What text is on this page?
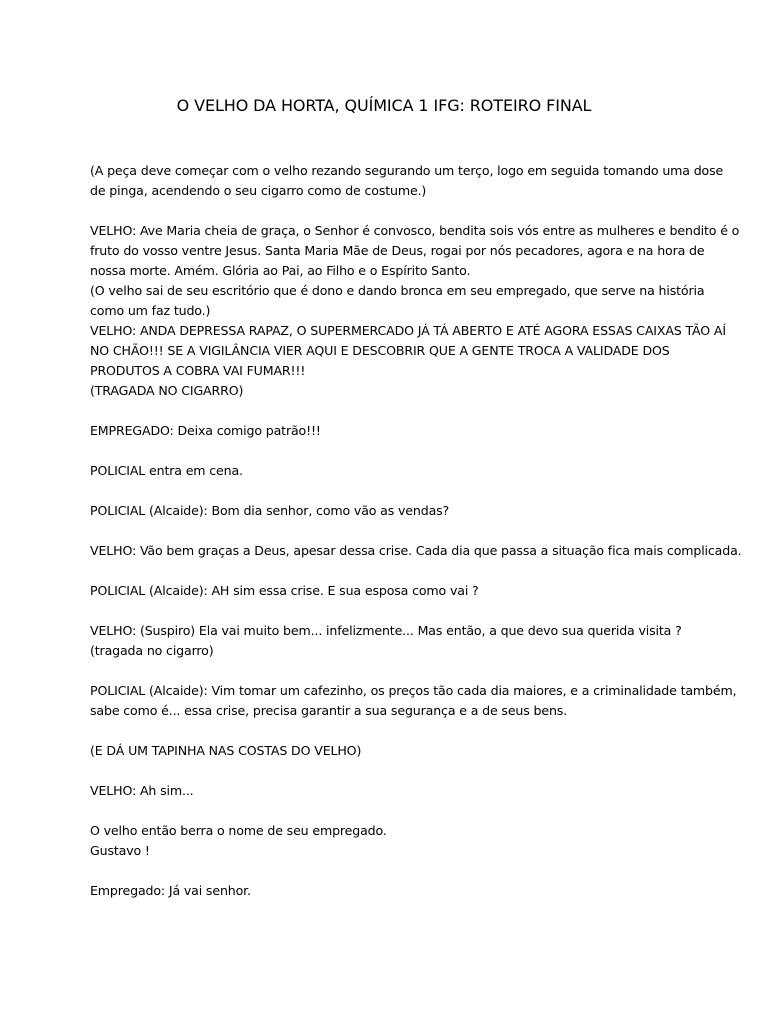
O VELHO DA HORTA, QUÍMICA 1 IFG: ROTEIRO FINAL
(A peça deve começar com o velho rezando segurando um terço, logo em seguida tomando uma dose
de pinga, acendendo o seu cigarro como de costume.)
VELHO: Ave Maria cheia de graça, o Senhor é convosco, bendita sois vós entre as mulheres e bendito é o
fruto do vosso ventre Jesus. Santa Maria Mãe de Deus, rogai por nós pecadores, agora e na hora de
nossa morte. Amém. Glória ao Pai, ao Filho e o Espírito Santo.
(O velho sai de seu escritório que é dono e dando bronca em seu empregado, que serve na história
como um faz tudo.)
VELHO: ANDA DEPRESSA RAPAZ, O SUPERMERCADO JÁ TÁ ABERTO E ATÉ AGORA ESSAS CAIXAS TÃO AÍ
NO CHÃO!!! SE A VIGILÂNCIA VIER AQUI E DESCOBRIR QUE A GENTE TROCA A VALIDADE DOS
PRODUTOS A COBRA VAI FUMAR!!!
(TRAGADA NO CIGARRO)
EMPREGADO: Deixa comigo patrão!!!
POLICIAL entra em cena.
POLICIAL (Alcaide): Bom dia senhor, como vão as vendas?
VELHO: Vão bem graças a Deus, apesar dessa crise. Cada dia que passa a situação fica mais complicada.
POLICIAL (Alcaide): AH sim essa crise. E sua esposa como vai ?
VELHO: (Suspiro) Ela vai muito bem... infelizmente... Mas então, a que devo sua querida visita ?
(tragada no cigarro)
POLICIAL (Alcaide): Vim tomar um cafezinho, os preços tão cada dia maiores, e a criminalidade também,
sabe como é... essa crise, precisa garantir a sua segurança e a de seus bens.
(E DÁ UM TAPINHA NAS COSTAS DO VELHO)
VELHO: Ah sim...
O velho então berra o nome de seu empregado.
Gustavo !
Empregado: Já vai senhor.
